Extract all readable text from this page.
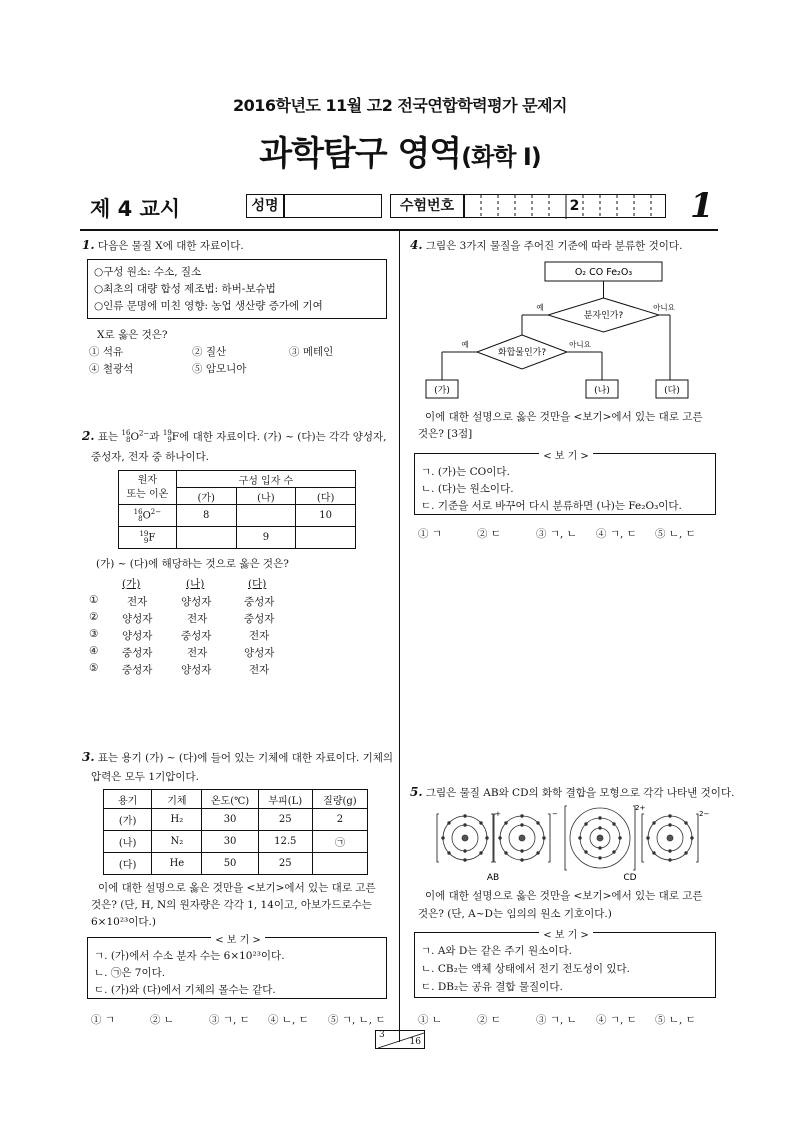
2016학년도 11월 고2 전국연합학력평가 문제지
과학탐구 영역(화학 Ⅰ)
제 4 교시	성명	수험번호	2	1
1. 다음은 물질 X에 대한 자료이다.
○구성 원소: 수소, 질소
○최초의 대량 합성 제조법: 하버-보슈법
○인류 문명에 미친 영향: 농업 생산량 증가에 기여
X로 옳은 것은?
① 석유	② 질산	③ 메테인
④ 철광석	⑤ 암모니아
2. 표는 16
$8O^{2-}$과 19
9F에 대한 자료이다. (가) ~ (다)는 각각 양성자,
중성자, 전자 중 하나이다.
원자
또는 이온	구성 입자 수		
	(가)	(나)	(다)
16
$8O^{2-}$	8		10
19
9F		9	
(가) ~ (다)에 해당하는 것으로 옳은 것은?
(가)	(나)	(다)
①	전자	양성자	중성자
② 양성자	전자	중성자
③ 양성자	중성자	전자
④ 중성자	전자	양성자
⑤ 중성자	양성자	전자
3. 표는 용기 (가) ~ (다)에 들어 있는 기체에 대한 자료이다. 기체의
압력은 모두 1기압이다.
용기	기체	온도(℃)	부피(L)	질량(g)
(가)	H₂	30	25	2
(나)	N₂	30	12.5	㉠
(다)	He	50	25	
이에 대한 설명으로 옳은 것만을 <보기>에서 있는 대로 고른
것은? (단, H, N의 원자량은 각각 1, 14이고, 아보가드로수는
6×10²³이다.)
< 보 기 >
ㄱ. (가)에서 수소 분자 수는 6×10²³이다.
ㄴ. ㉠은 7이다.
ㄷ. (가)와 (다)에서 기체의 몰수는 같다.
① ㄱ	② ㄴ	③ ㄱ, ㄷ ④ ㄴ, ㄷ ⑤ ㄱ, ㄴ, ㄷ
4. 그림은 3가지 물질을 주어진 기준에 따라 분류한 것이다.
O₂ CO Fe₂O₃
분자인가?
예	아니요
화합물인가?
예	아니요
(가)	(나)	(다)
이에 대한 설명으로 옳은 것만을 <보기>에서 있는 대로 고른
것은? [3점]
< 보 기 >
ㄱ. (가)는 CO이다.
ㄴ. (다)는 원소이다.
ㄷ. 기준을 서로 바꾸어 다시 분류하면 (나)는 Fe₂O₃이다.
① ㄱ	② ㄷ	③ ㄱ, ㄴ ④ ㄱ, ㄷ ⑤ ㄴ, ㄷ
5. 그림은 물질 AB와 CD의 화학 결합을 모형으로 각각 나타낸 것이다.
+	−
2+
2−
AB	CD
이에 대한 설명으로 옳은 것만을 <보기>에서 있는 대로 고른
것은? (단, A~D는 임의의 원소 기호이다.)
< 보 기 >
ㄱ. A와 D는 같은 주기 원소이다.
ㄴ. CB₂는 액체 상태에서 전기 전도성이 있다.
ㄷ. DB₂는 공유 결합 물질이다.
① ㄴ	② ㄷ	③ ㄱ, ㄴ ④ ㄱ, ㄷ ⑤ ㄴ, ㄷ
3
16
